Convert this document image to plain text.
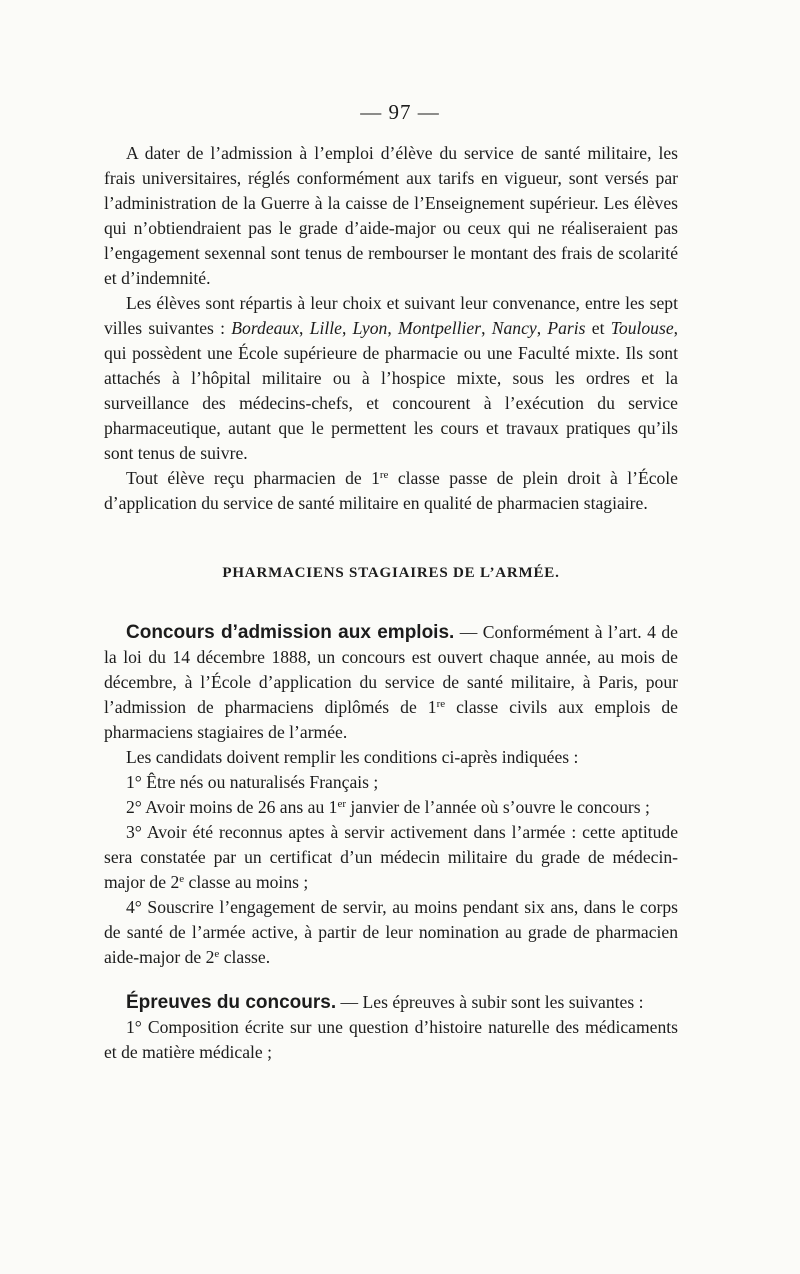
— 97 —

A dater de l’admission à l’emploi d’élève du service de santé militaire, les frais universitaires, réglés conformément aux tarifs en vigueur, sont versés par l’administration de la Guerre à la caisse de l’Enseignement supérieur. Les élèves qui n’obtiendraient pas le grade d’aide-major ou ceux qui ne réaliseraient pas l’engagement sexennal sont tenus de rembourser le montant des frais de scolarité et d’indemnité.

Les élèves sont répartis à leur choix et suivant leur convenance, entre les sept villes suivantes : Bordeaux, Lille, Lyon, Montpellier, Nancy, Paris et Toulouse, qui possèdent une École supérieure de pharmacie ou une Faculté mixte. Ils sont attachés à l’hôpital militaire ou à l’hospice mixte, sous les ordres et la surveillance des médecins-chefs, et concourent à l’exécution du service pharmaceutique, autant que le permettent les cours et travaux pratiques qu’ils sont tenus de suivre.

Tout élève reçu pharmacien de 1re classe passe de plein droit à l’École d’application du service de santé militaire en qualité de pharmacien stagiaire.

PHARMACIENS STAGIAIRES DE L’ARMÉE.

Concours d’admission aux emplois. — Conformément à l’art. 4 de la loi du 14 décembre 1888, un concours est ouvert chaque année, au mois de décembre, à l’École d’application du service de santé militaire, à Paris, pour l’admission de pharmaciens diplômés de 1re classe civils aux emplois de pharmaciens stagiaires de l’armée.

Les candidats doivent remplir les conditions ci-après indiquées :

1° Être nés ou naturalisés Français ;

2° Avoir moins de 26 ans au 1er janvier de l’année où s’ouvre le concours ;

3° Avoir été reconnus aptes à servir activement dans l’armée : cette aptitude sera constatée par un certificat d’un médecin militaire du grade de médecin-major de 2e classe au moins ;

4° Souscrire l’engagement de servir, au moins pendant six ans, dans le corps de santé de l’armée active, à partir de leur nomination au grade de pharmacien aide-major de 2e classe.

Épreuves du concours. — Les épreuves à subir sont les suivantes :

1° Composition écrite sur une question d’histoire naturelle des médicaments et de matière médicale ;
